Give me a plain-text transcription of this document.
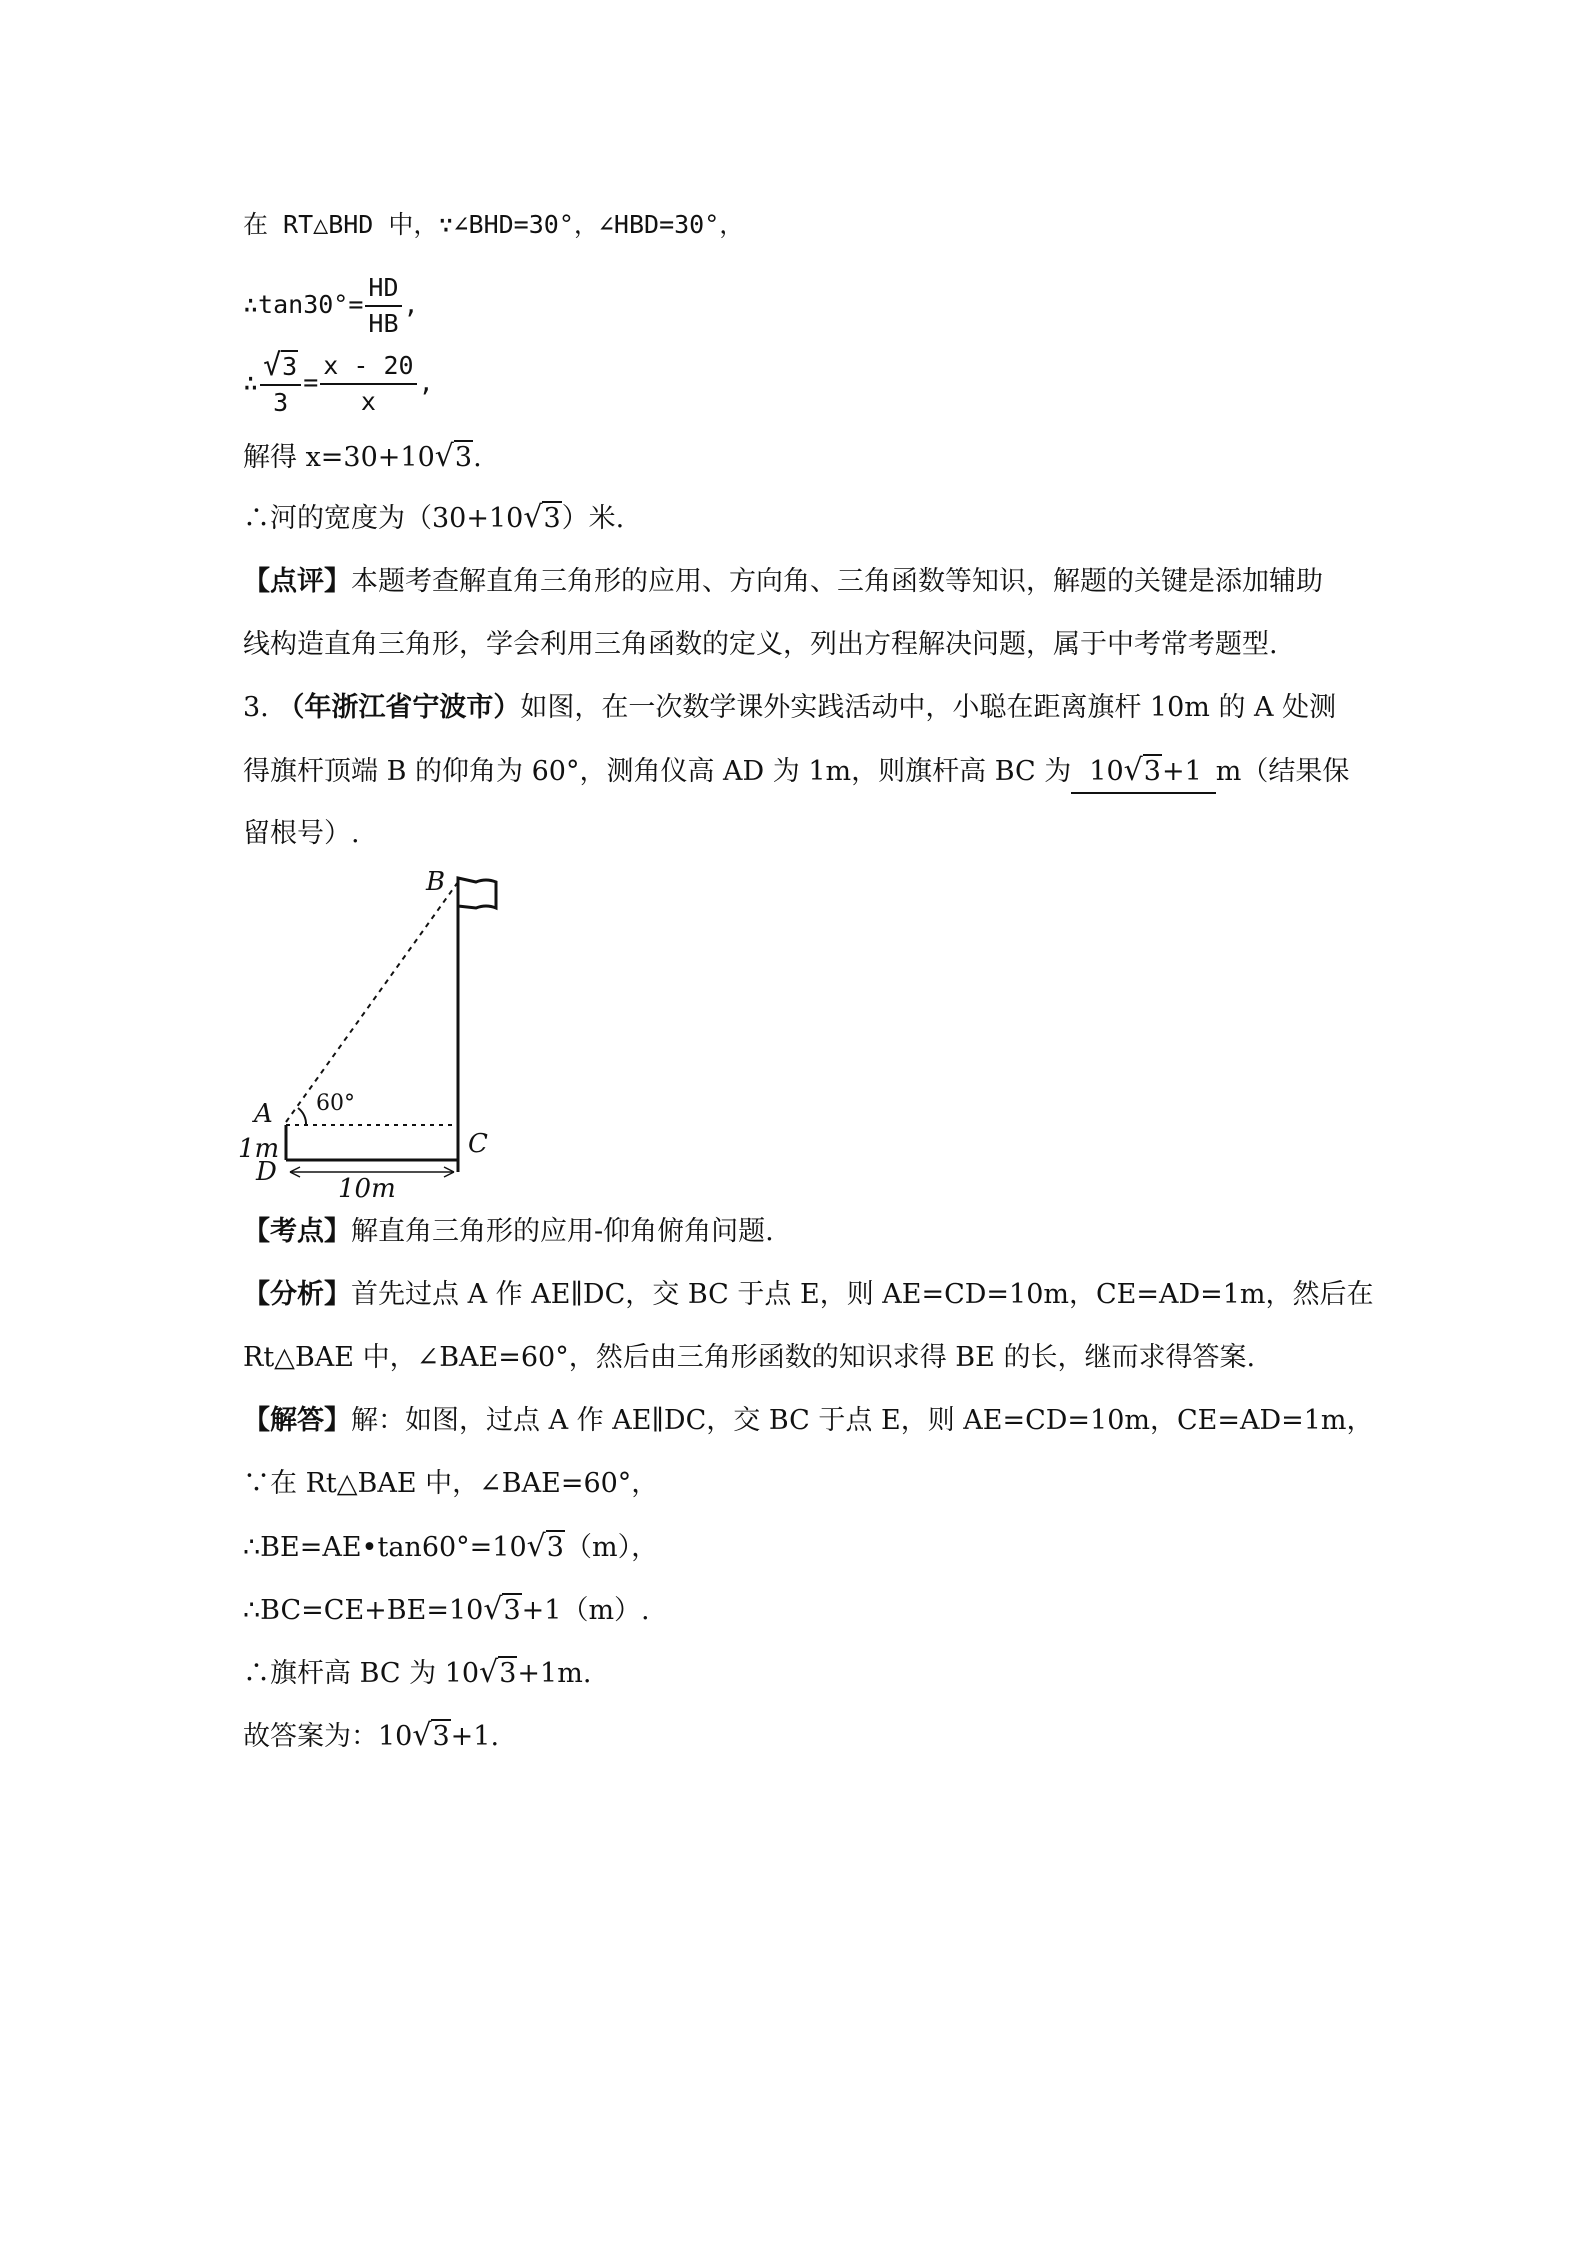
在 RT△BHD 中，∵∠BHD=30°，∠HBD=30°，
∴tan30°= $\frac{HD}{HB}$ ,
∴ $\frac{√3}{3} = \frac{x - 20}{x}$ ,
解得 x=30+10√3.
∴河的宽度为（30+10√3）米.
【点评】本题考查解直角三角形的应用、方向角、三角函数等知识，解题的关键是添加辅助
线构造直角三角形，学会利用三角函数的定义，列出方程解决问题，属于中考常考题型.
3. （年浙江省宁波市）如图，在一次数学课外实践活动中，小聪在距离旗杆 10m 的 A 处测
得旗杆顶端 B 的仰角为 60°，测角仪高 AD 为 1m，则旗杆高 BC 为 10√3+1 m（结果保
留根号）.
B
A
C
D
1m
10m
60°
【考点】解直角三角形的应用-仰角俯角问题.
【分析】首先过点 A 作 AE∥DC，交 BC 于点 E，则 AE=CD=10m，CE=AD=1m，然后在
Rt△BAE 中，∠BAE=60°，然后由三角形函数的知识求得 BE 的长，继而求得答案.
【解答】解：如图，过点 A 作 AE∥DC，交 BC 于点 E，则 AE=CD=10m，CE=AD=1m，
∵在 Rt△BAE 中，∠BAE=60°，
∴BE=AE•tan60°=10√3（m），
∴BC=CE+BE=10√3+1（m）.
∴旗杆高 BC 为 10√3+1m.
故答案为：10√3+1.
